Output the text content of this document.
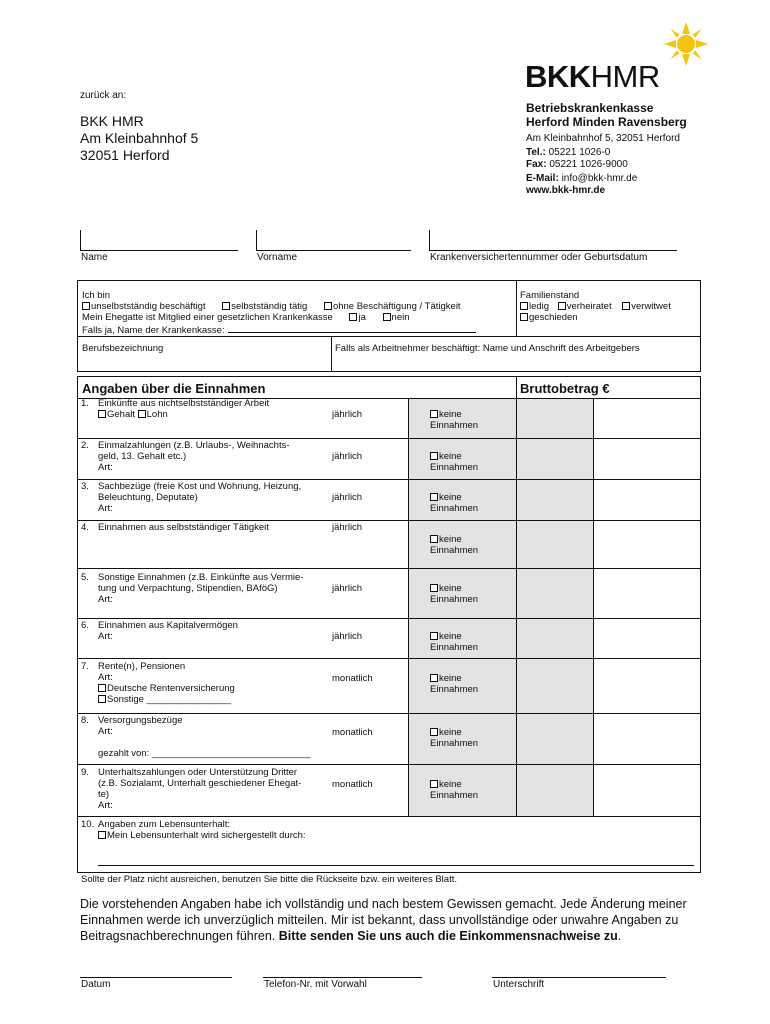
zurück an:
BKK HMR
Am Kleinbahnhof 5
32051 Herford
BKKHMR
Betriebskrankenkasse
Herford Minden Ravensberg
Am Kleinbahnhof 5, 32051 Herford
Tel.: 05221 1026-0
Fax: 05221 1026-9000
E-Mail: info@bkk-hmr.de
www.bkk-hmr.de
Name	Vorname	Krankenversichertennummer oder Geburtsdatum
Ich bin
unselbstständig beschäftigt	selbstständig tätig	ohne Beschäftigung / Tätigkeit
Mein Ehegatte ist Mitglied einer gesetzlichen Krankenkasse	ja	nein
Falls ja, Name der Krankenkasse:
Familienstand
ledig verheiratet verwitwet
geschieden
Berufsbezeichnung	Falls als Arbeitnehmer beschäftigt: Name und Anschrift des Arbeitgebers
Angaben über die Einnahmen	Bruttobetrag €
1. Einkünfte aus nichtselbstständiger Arbeit
Gehalt Lohn	jährlich	keine
Einnahmen
2. Einmalzahlungen (z.B. Urlaubs-, Weihnachts-
geld, 13. Gehalt etc.)
Art:
jährlich	keine
Einnahmen
3. Sachbezüge (freie Kost und Wohnung, Heizung,
Beleuchtung, Deputate)
Art:
jährlich	keine
Einnahmen
4. Einnahmen aus selbstständiger Tätigkeit	jährlich
keine
Einnahmen
5. Sonstige Einnahmen (z.B. Einkünfte aus Vermie-
tung und Verpachtung, Stipendien, BAföG)
Art:
jährlich	keine
Einnahmen
6. Einnahmen aus Kapitalvermögen
Art:	jährlich	keine
Einnahmen
7. Rente(n), Pensionen
Art:
Deutsche Rentenversicherung
Sonstige ________________
monatlich	keine
Einnahmen
8. Versorgungsbezüge
Art:
gezahlt von: ______________________________
monatlich	keine
Einnahmen
9. Unterhaltszahlungen oder Unterstützung Dritter
(z.B. Sozialamt, Unterhalt geschiedener Ehegat-
te)
Art:
monatlich	keine
Einnahmen
10. Angaben zum Lebensunterhalt:
Mein Lebensunterhalt wird sichergestellt durch:
Sollte der Platz nicht ausreichen, benutzen Sie bitte die Rückseite bzw. ein weiteres Blatt.
Die vorstehenden Angaben habe ich vollständig und nach bestem Gewissen gemacht. Jede Änderung meiner Einnahmen werde ich unverzüglich mitteilen. Mir ist bekannt, dass unvollständige oder unwahre Angaben zu Beitragsnachberechnungen führen. Bitte senden Sie uns auch die Einkommensnachweise zu.
Datum	Telefon-Nr. mit Vorwahl	Unterschrift
